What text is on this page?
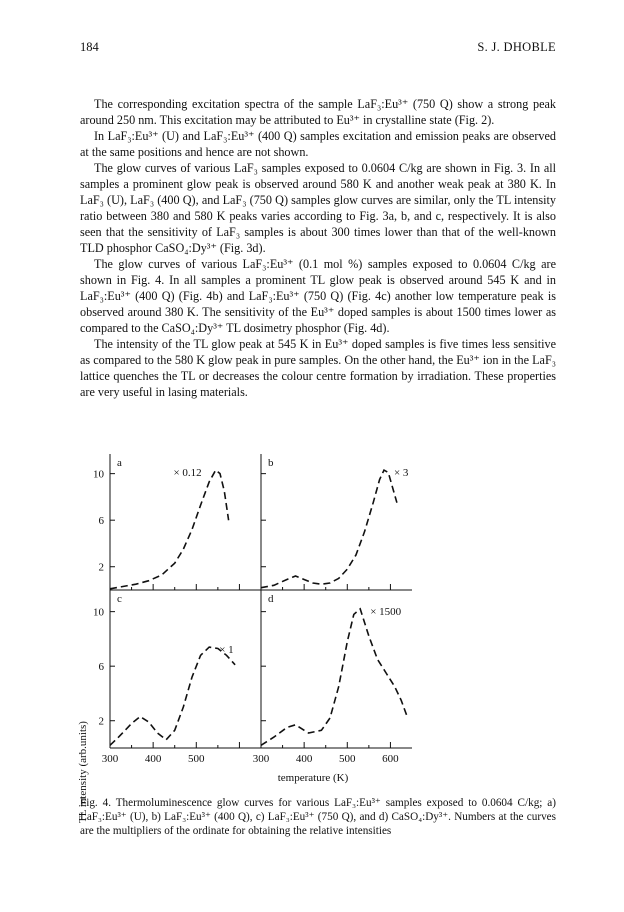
184	S. J. DHOBLE

The corresponding excitation spectra of the sample LaF₃:Eu³⁺ (750 Q) show a strong peak around 250 nm. This excitation may be attributed to Eu³⁺ in crystalline state (Fig. 2).

In LaF₃:Eu³⁺ (U) and LaF₃:Eu³⁺ (400 Q) samples excitation and emission peaks are observed at the same positions and hence are not shown.

The glow curves of various LaF₃ samples exposed to 0.0604 C/kg are shown in Fig. 3. In all samples a prominent glow peak is observed around 580 K and another weak peak at 380 K. In LaF₃ (U), LaF₃ (400 Q), and LaF₃ (750 Q) samples glow curves are similar, only the TL intensity ratio between 380 and 580 K peaks varies according to Fig. 3a, b, and c, respectively. It is also seen that the sensitivity of LaF₃ samples is about 300 times lower than that of the well-known TLD phosphor CaSO₄:Dy³⁺ (Fig. 3d).

The glow curves of various LaF₃:Eu³⁺ (0.1 mol %) samples exposed to 0.0604 C/kg are shown in Fig. 4. In all samples a prominent TL glow peak is observed around 545 K and in LaF₃:Eu³⁺ (400 Q) (Fig. 4b) and LaF₃:Eu³⁺ (750 Q) (Fig. 4c) another low temperature peak is observed around 380 K. The sensitivity of the Eu³⁺ doped samples is about 1500 times lower as compared to the CaSO₄:Dy³⁺ TL dosimetry phosphor (Fig. 4d).

The intensity of the TL glow peak at 545 K in Eu³⁺ doped samples is five times less sensitive as compared to the 580 K glow peak in pure samples. On the other hand, the Eu³⁺ ion in the LaF₃ lattice quenches the TL or decreases the colour centre formation by irradiation. These properties are very useful in lasing materials.

TL intensity (arb.units)	temperature (K)
a
2
6
10	× 0.12
b
× 3
c
2
6
10
300 400 500
× 1
d
300 400 500 600
× 1500
Fig. 4. Thermoluminescence glow curves for various LaF₃:Eu³⁺ samples exposed to 0.0604 C/kg; a) LaF₃:Eu³⁺ (U), b) LaF₃:Eu³⁺ (400 Q), c) LaF₃:Eu³⁺ (750 Q), and d) CaSO₄:Dy³⁺. Numbers at the curves are the multipliers of the ordinate for obtaining the relative intensities
